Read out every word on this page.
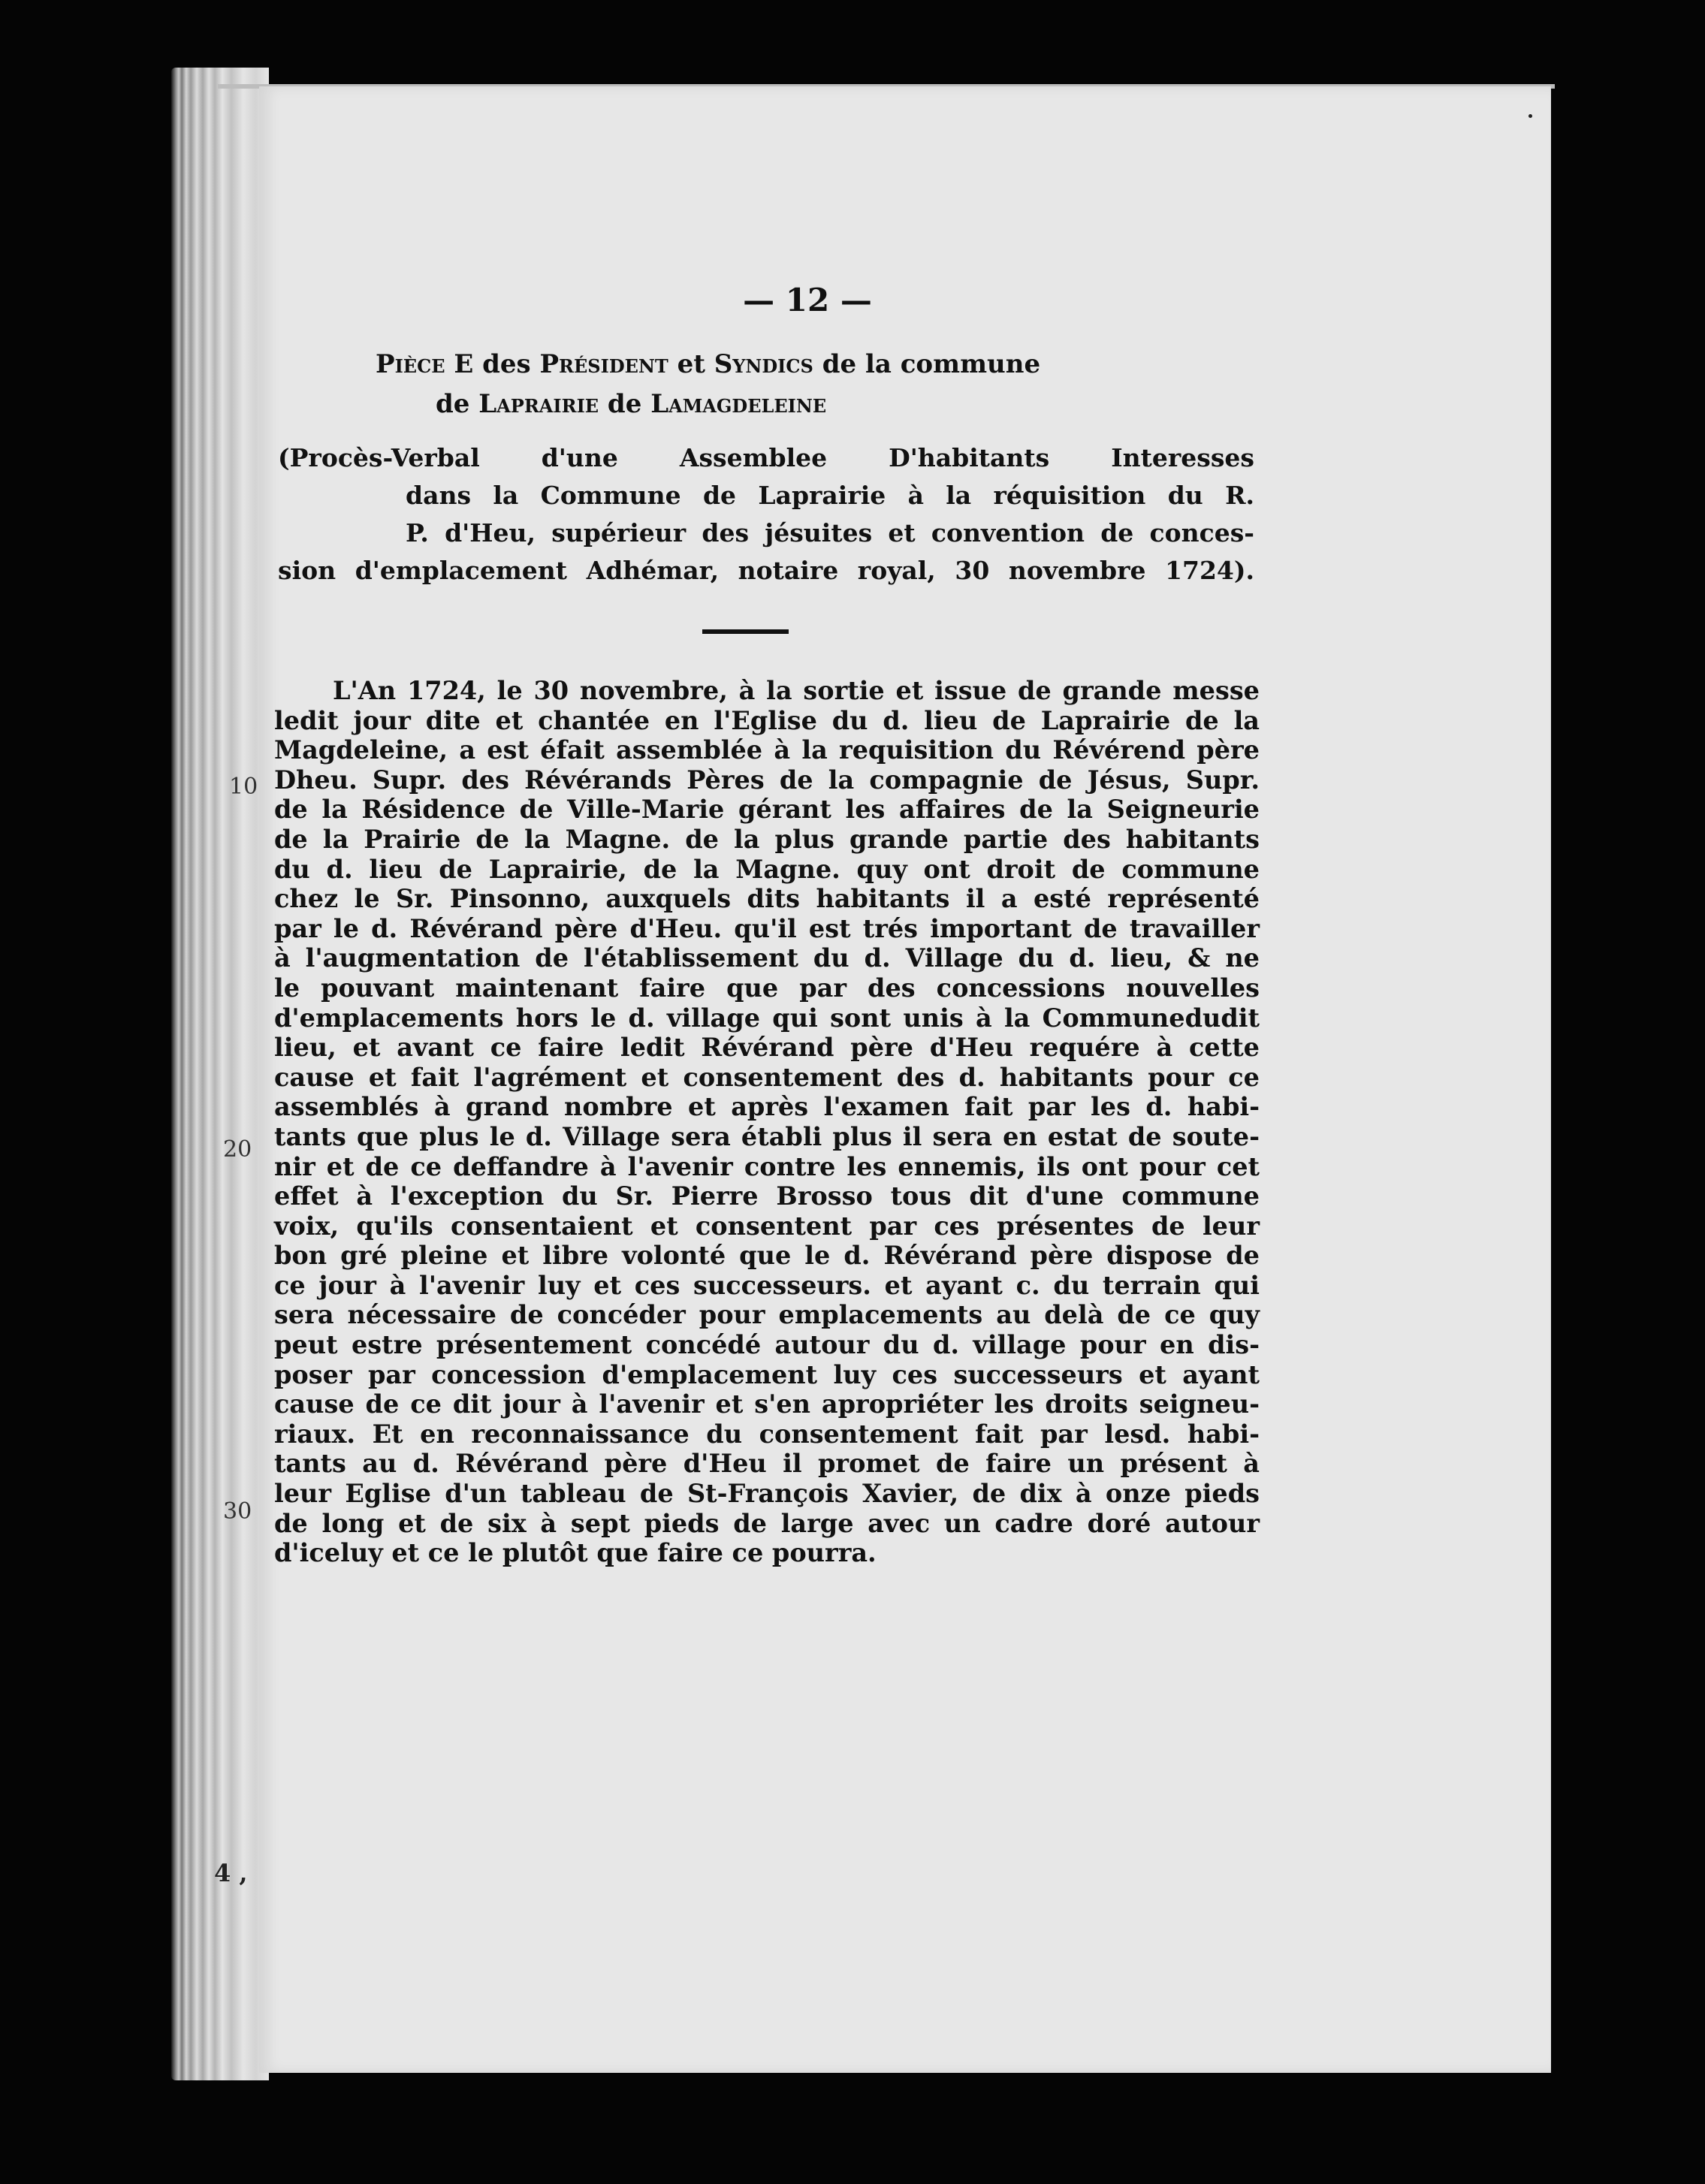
— 12 —
Pièce E des Président et Syndics de la commune
de Laprairie de Lamagdeleine
(Procès-Verbal d'une Assemblee D'habitants Interesses
dans la Commune de Laprairie à la réquisition du R.
P. d'Heu, supérieur des jésuites et convention de conces-
sion d'emplacement Adhémar, notaire royal, 30 novembre 1724).
10
20
30
L'An 1724, le 30 novembre, à la sortie et issue de grande messe
ledit jour dite et chantée en l'Eglise du d. lieu de Laprairie de la
Magdeleine, a est éfait assemblée à la requisition du Révérend père
Dheu. Supr. des Révérands Pères de la compagnie de Jésus, Supr.
de la Résidence de Ville-Marie gérant les affaires de la Seigneurie
de la Prairie de la Magne. de la plus grande partie des habitants
du d. lieu de Laprairie, de la Magne. quy ont droit de commune
chez le Sr. Pinsonno, auxquels dits habitants il a esté représenté
par le d. Révérand père d'Heu. qu'il est trés important de travailler
à l'augmentation de l'établissement du d. Village du d. lieu, & ne
le pouvant maintenant faire que par des concessions nouvelles
d'emplacements hors le d. village qui sont unis à la Communedudit
lieu, et avant ce faire ledit Révérand père d'Heu requére à cette
cause et fait l'agrément et consentement des d. habitants pour ce
assemblés à grand nombre et après l'examen fait par les d. habi-
tants que plus le d. Village sera établi plus il sera en estat de soute-
nir et de ce deffandre à l'avenir contre les ennemis, ils ont pour cet
effet à l'exception du Sr. Pierre Brosso tous dit d'une commune
voix, qu'ils consentaient et consentent par ces présentes de leur
bon gré pleine et libre volonté que le d. Révérand père dispose de
ce jour à l'avenir luy et ces successeurs. et ayant c. du terrain qui
sera nécessaire de concéder pour emplacements au delà de ce quy
peut estre présentement concédé autour du d. village pour en dis-
poser par concession d'emplacement luy ces successeurs et ayant
cause de ce dit jour à l'avenir et s'en apropriéter les droits seigneu-
riaux. Et en reconnaissance du consentement fait par lesd. habi-
tants au d. Révérand père d'Heu il promet de faire un présent à
leur Eglise d'un tableau de St-François Xavier, de dix à onze pieds
de long et de six à sept pieds de large avec un cadre doré autour
d'iceluy et ce le plutôt que faire ce pourra.
4 ,
